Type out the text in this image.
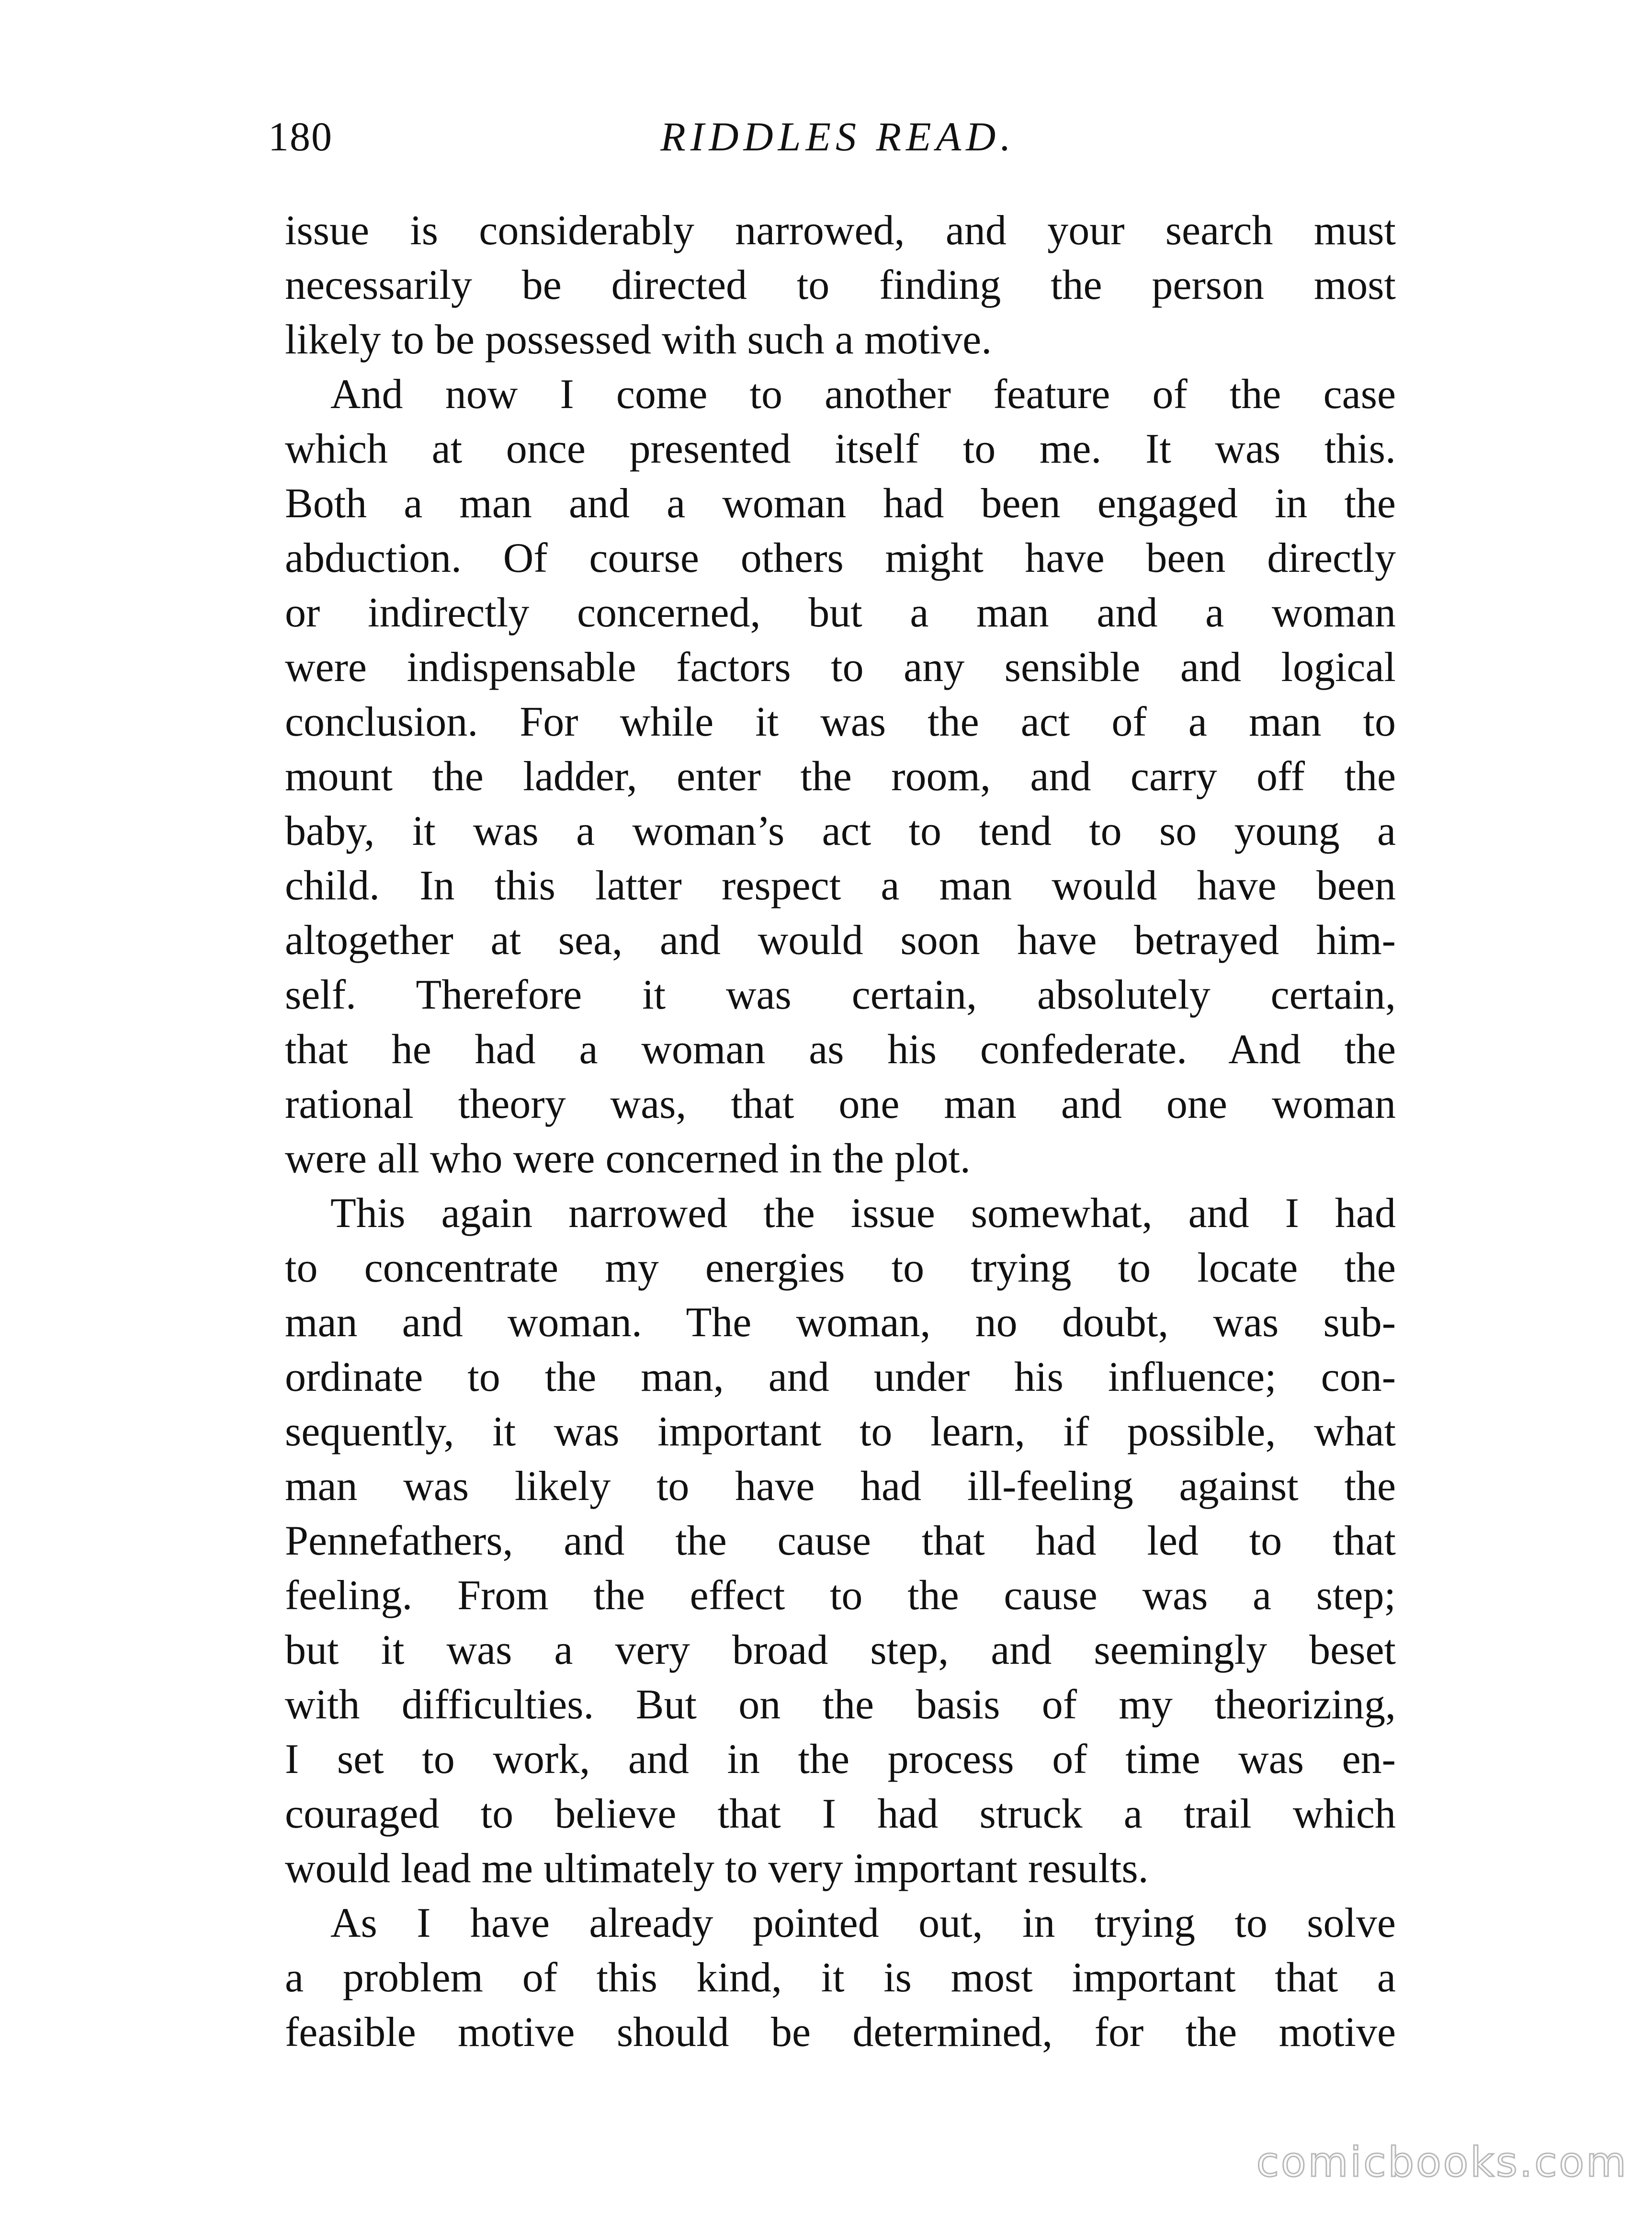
180	RIDDLES READ.
issue is considerably narrowed, and your search must
necessarily be directed to finding the person most
likely to be possessed with such a motive.
And now I come to another feature of the case
which at once presented itself to me. It was this.
Both a man and a woman had been engaged in the
abduction. Of course others might have been directly
or indirectly concerned, but a man and a woman
were indispensable factors to any sensible and logical
conclusion. For while it was the act of a man to
mount the ladder, enter the room, and carry off the
baby, it was a woman’s act to tend to so young a
child. In this latter respect a man would have been
altogether at sea, and would soon have betrayed him-
self. Therefore it was certain, absolutely certain,
that he had a woman as his confederate. And the
rational theory was, that one man and one woman
were all who were concerned in the plot.
This again narrowed the issue somewhat, and I had
to concentrate my energies to trying to locate the
man and woman. The woman, no doubt, was sub-
ordinate to the man, and under his influence; con-
sequently, it was important to learn, if possible, what
man was likely to have had ill-feeling against the
Pennefathers, and the cause that had led to that
feeling. From the effect to the cause was a step;
but it was a very broad step, and seemingly beset
with difficulties. But on the basis of my theorizing,
I set to work, and in the process of time was en-
couraged to believe that I had struck a trail which
would lead me ultimately to very important results.
As I have already pointed out, in trying to solve
a problem of this kind, it is most important that a
feasible motive should be determined, for the motive
comicbooks.com
